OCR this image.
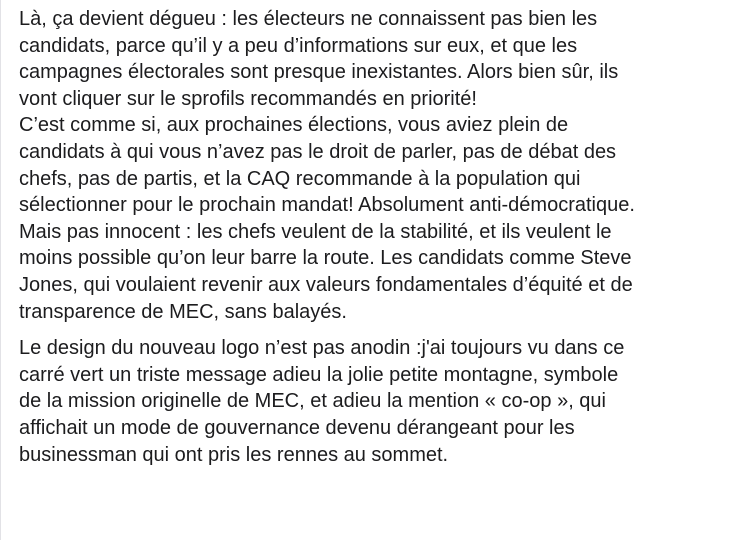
Là, ça devient dégueu : les électeurs ne connaissent pas bien les
candidats, parce qu’il y a peu d’informations sur eux, et que les
campagnes électorales sont presque inexistantes. Alors bien sûr, ils
vont cliquer sur le sprofils recommandés en priorité!
C’est comme si, aux prochaines élections, vous aviez plein de
candidats à qui vous n’avez pas le droit de parler, pas de débat des
chefs, pas de partis, et la CAQ recommande à la population qui
sélectionner pour le prochain mandat! Absolument anti-démocratique.
Mais pas innocent : les chefs veulent de la stabilité, et ils veulent le
moins possible qu’on leur barre la route. Les candidats comme Steve
Jones, qui voulaient revenir aux valeurs fondamentales d’équité et de
transparence de MEC, sans balayés.

Le design du nouveau logo n’est pas anodin :j'ai toujours vu dans ce
carré vert un triste message adieu la jolie petite montagne, symbole
de la mission originelle de MEC, et adieu la mention « co-op », qui
affichait un mode de gouvernance devenu dérangeant pour les
businessman qui ont pris les rennes au sommet.
